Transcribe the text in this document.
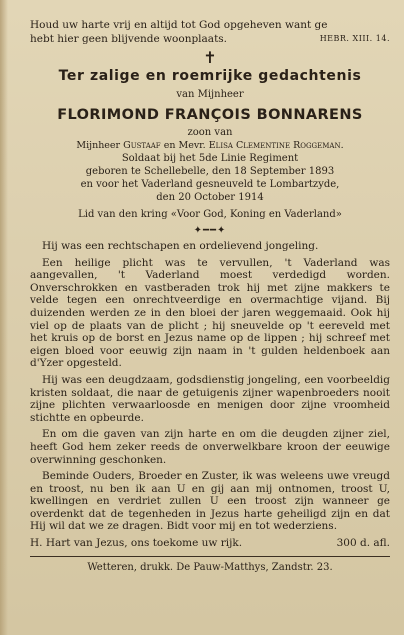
Houd uw harte vrij en altijd tot God opgeheven want ge
hebt hier geen blijvende woonplaats.	HEBR. XIII. 14.
✝
Ter zalige en roemrijke gedachtenis
van Mijnheer
FLORIMOND FRANÇOIS BONNARENS
zoon van
Mijnheer Gustaaf en Mevr. Elisa Clementine Roggeman.
Soldaat bij het 5de Linie Regiment
geboren te Schellebelle, den 18 September 1893
en voor het Vaderland gesneuveld te Lombartzyde,
den 20 October 1914
Lid van den kring «Voor God, Koning en Vaderland»
✦━━✦

Hij was een rechtschapen en ordelievend jongeling.

Een heilige plicht was te vervullen, 't Vaderland was aangevallen, 't Vaderland moest verdedigd worden. Onverschrokken en vastberaden trok hij met zijne makkers te velde tegen een onrechtveerdige en overmachtige vijand. Bij duizenden werden ze in den bloei der jaren weggemaaid. Ook hij viel op de plaats van de plicht ; hij sneuvelde op 't eereveld met het kruis op de borst en Jezus name op de lippen ; hij schreef met eigen bloed voor eeuwig zijn naam in 't gulden heldenboek aan d'Yzer opgesteld.

Hij was een deugdzaam, godsdienstig jongeling, een voorbeeldig kristen soldaat, die naar de getuigenis zijner wapenbroeders nooit zijne plichten verwaarloosde en menigen door zijne vroomheid stichtte en opbeurde.

En om die gaven van zijn harte en om die deugden zijner ziel, heeft God hem zeker reeds de onverwelkbare kroon der eeuwige overwinning geschonken.

Beminde Ouders, Broeder en Zuster, ik was weleens uwe vreugd en troost, nu ben ik aan U en gij aan mij ontnomen, troost U, kwellingen en verdriet zullen U een troost zijn wanneer ge overdenkt dat de tegenheden in Jezus harte geheiligd zijn en dat Hij wil dat we ze dragen. Bidt voor mij en tot wederziens.

H. Hart van Jezus, ons toekome uw rijk.	300 d. afl.
Wetteren, drukk. De Pauw-Matthys, Zandstr. 23.
